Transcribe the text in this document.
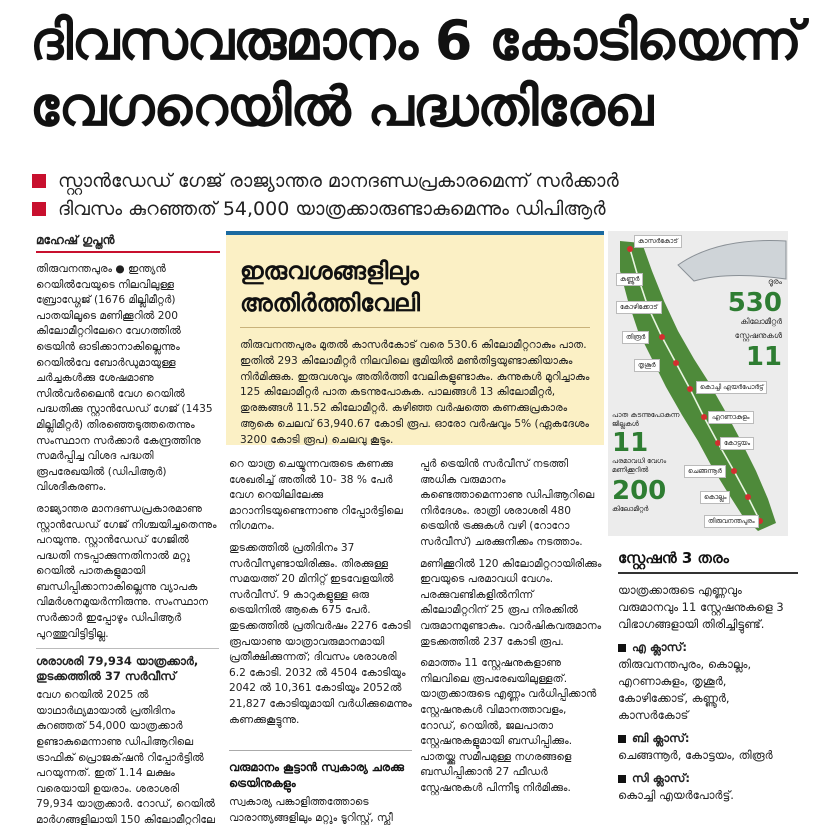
ദിവസവരുമാനം 6 കോടിയെന്ന്
വേഗറെയിൽ പദ്ധതിരേഖ
സ്റ്റാൻഡേഡ് ഗേജ് രാജ്യാന്തര മാനദണ്ഡപ്രകാരമെന്ന് സർക്കാർ
ദിവസം കുറഞ്ഞത് 54,000 യാത്രക്കാരുണ്ടാകുമെന്നും ഡിപിആർ
മഹേഷ് ഗുപ്തൻ

തിരുവനന്തപുരം ● ഇന്ത്യൻ റെയിൽവേയുടെ നിലവിലുള്ള ബ്രോഡ്ഗേജ് (1676 മില്ലിമീറ്റർ) പാതയിലൂടെ മണിക്കൂറിൽ 200 കിലോമീറ്ററിലേറെ വേഗത്തിൽ ട്രെയിൻ ഓടിക്കാനാകില്ലെന്നും റെയിൽവേ ബോർഡുമായുള്ള ചർച്ചകൾക്കു ശേഷമാണു സിൽവർലൈൻ വേഗ റെയിൽ പദ്ധതിക്കു സ്റ്റാൻഡേഡ് ഗേജ് (1435 മില്ലിമീറ്റർ) തിരഞ്ഞെടുത്തതെന്നും സംസ്ഥാന സർക്കാർ കേന്ദ്രത്തിനു സമർപ്പിച്ച വിശദ പദ്ധതി രൂപരേഖയിൽ (ഡിപിആർ) വിശദീകരണം.

രാജ്യാന്തര മാനദണ്ഡപ്രകാരമാണു സ്റ്റാൻഡേഡ് ഗേജ് നിശ്ചയിച്ചതെന്നും പറയുന്നു. സ്റ്റാൻഡേഡ് ഗേജിൽ പദ്ധതി നടപ്പാക്കുന്നതിനാൽ മറ്റു റെയിൽ പാതകളുമായി ബന്ധിപ്പിക്കാനാകില്ലെന്നു വ്യാപക വിമർശനമുയർന്നിരുന്നു. സംസ്ഥാന സർക്കാർ ഇപ്പോഴും ഡിപിആർ പുറത്തുവിട്ടിട്ടില്ല.

ശരാശരി 79,934 യാത്രക്കാർ, തുടക്കത്തിൽ 37 സർവീസ്

വേഗ റെയിൽ 2025 ൽ യാഥാർഥ്യമായാൽ പ്രതിദിനം കുറഞ്ഞത് 54,000 യാത്രക്കാർ ഉണ്ടാകുമെന്നാണു ഡിപിആറിലെ ട്രാഫിക് പ്രൊജക്‌ഷൻ റിപ്പോർട്ടിൽ പറയുന്നത്. ഇത് 1.14 ലക്ഷം വരെയായി ഉയരാം. ശരാശരി 79,934 യാത്രക്കാർ. റോഡ്, റെയിൽ മാർഗങ്ങളിലായി 150 കിലോമീറ്ററിലേ

ഇരുവശങ്ങളിലും
അതിർത്തിവേലി
തിരുവനന്തപുരം മുതൽ കാസർകോട് വരെ 530.6 കിലോമീറ്ററാകും പാത. ഇതിൽ 293 കിലോമീറ്റർ നിലവിലെ ഭൂമിയിൽ മൺതിട്ടയുണ്ടാക്കിയാകും നിർമിക്കുക. ഇരുവശവും അതിർത്തി വേലികളുണ്ടാകും. കുന്നുകൾ മുറിച്ചാകും 125 കിലോമീറ്റർ പാത കടന്നുപോകുക. പാലങ്ങൾ 13 കിലോമീറ്റർ, തുരങ്കങ്ങൾ 11.52 കിലോമീറ്റർ. കഴിഞ്ഞ വർഷത്തെ കണക്കുപ്രകാരം ആകെ ചെലവ് 63,940.67 കോടി രൂപ. ഓരോ വർഷവും 5% (ഏകദേശം 3200 കോടി രൂപ) ചെലവു കൂടും.

റെ യാത്ര ചെയ്യുന്നവരുടെ കണക്കു ശേഖരിച്ച് അതിൽ 10- 38 % പേർ വേഗ റെയിലിലേക്കു മാറാനിടയുണ്ടെന്നാണു റിപ്പോർട്ടിലെ നിഗമനം.

തുടക്കത്തിൽ പ്രതിദിനം 37 സർവീസുണ്ടായിരിക്കും. തിരക്കുള്ള സമയത്ത് 20 മിനിറ്റ് ഇടവേളയിൽ സർവീസ്. 9 കാറുകളുള്ള ഒരു ട്രെയിനിൽ ആകെ 675 പേർ. തുടക്കത്തിൽ പ്രതിവർഷം 2276 കോടി രൂപയാണു യാത്രാവരുമാനമായി പ്രതീക്ഷിക്കുന്നത്; ദിവസം ശരാശരി 6.2 കോടി. 2032 ൽ 4504 കോടിയും 2042 ൽ 10,361 കോടിയും 2052ൽ 21,827 കോടിയുമായി വർധിക്കുമെന്നും കണക്കുകൂട്ടുന്നു.

വരുമാനം കൂട്ടാൻ സ്വകാര്യ ചരക്കു ട്രെയിനുകളും
സ്വകാര്യ പങ്കാളിത്തത്തോടെ വാരാന്ത്യങ്ങളിലും മറ്റും ടൂറിസ്റ്റ്, സ്ലീ

പ്പർ ട്രെയിൻ സർവീസ് നടത്തി അധിക വരുമാനം കണ്ടെത്താമെന്നാണു ഡിപിആറിലെ നിർദേശം. രാത്രി ശരാശരി 480 ട്രെയിൻ ട്രക്കുകൾ വഴി (റോറോ സർവീസ്) ചരക്കുനീക്കം നടത്താം.

മണിക്കൂറിൽ 120 കിലോമീറ്ററായിരിക്കും ഇവയുടെ പരമാവധി വേഗം. പരക്കുവണ്ടികളിൽനിന്ന് കിലോമീറ്ററിന് 25 രൂപ നിരക്കിൽ വരുമാനമുണ്ടാകും. വാർഷികവരുമാനം തുടക്കത്തിൽ 237 കോടി രൂപ.

മൊത്തം 11 സ്റ്റേഷനുകളാണു നിലവിലെ രൂപരേഖയിലുള്ളത്. യാത്രക്കാരുടെ എണ്ണം വർധിപ്പിക്കാൻ സ്റ്റേഷനുകൾ വിമാനത്താവളം, റോഡ്, റെയിൽ, ജലപാതാ സ്റ്റേഷനുകളുമായി ബന്ധിപ്പിക്കും. പാതയ്ക്കു സമീപമുള്ള നഗരങ്ങളെ ബന്ധിപ്പിക്കാൻ 27 ഫീഡർ സ്റ്റേഷനുകൾ പിന്നീടു നിർമിക്കും.

ദൂരം
530
കിലോമീറ്റർ
സ്റ്റേഷനുകൾ
11
പാത കടന്നുപോകുന്ന ജില്ലകൾ
11
പരമാവധി വേഗം മണിക്കൂറിൽ
200
കിലോമീറ്റർ
കാസർകോട്
കണ്ണൂർ
കോഴിക്കോട്
തിരൂർ
തൃശൂർ
കൊച്ചി എയർപോർട്ട്
എറണാകുളം
കോട്ടയം
ചെങ്ങന്നൂർ
കൊല്ലം
തിരുവനന്തപുരം
സ്റ്റേഷൻ 3 തരം
യാത്രക്കാരുടെ എണ്ണവും വരുമാനവും 11 സ്റ്റേഷനുകളെ 3 വിഭാഗങ്ങളായി തിരിച്ചിട്ടുണ്ട്.
എ ക്ലാസ്:
തിരുവനന്തപുരം, കൊല്ലം, എറണാകുളം, തൃശൂർ, കോഴിക്കോട്, കണ്ണൂർ, കാസർകോട്
ബി ക്ലാസ്:
ചെങ്ങന്നൂർ, കോട്ടയം, തിരൂർ
സി ക്ലാസ്:
കൊച്ചി എയർപോർട്ട്.
